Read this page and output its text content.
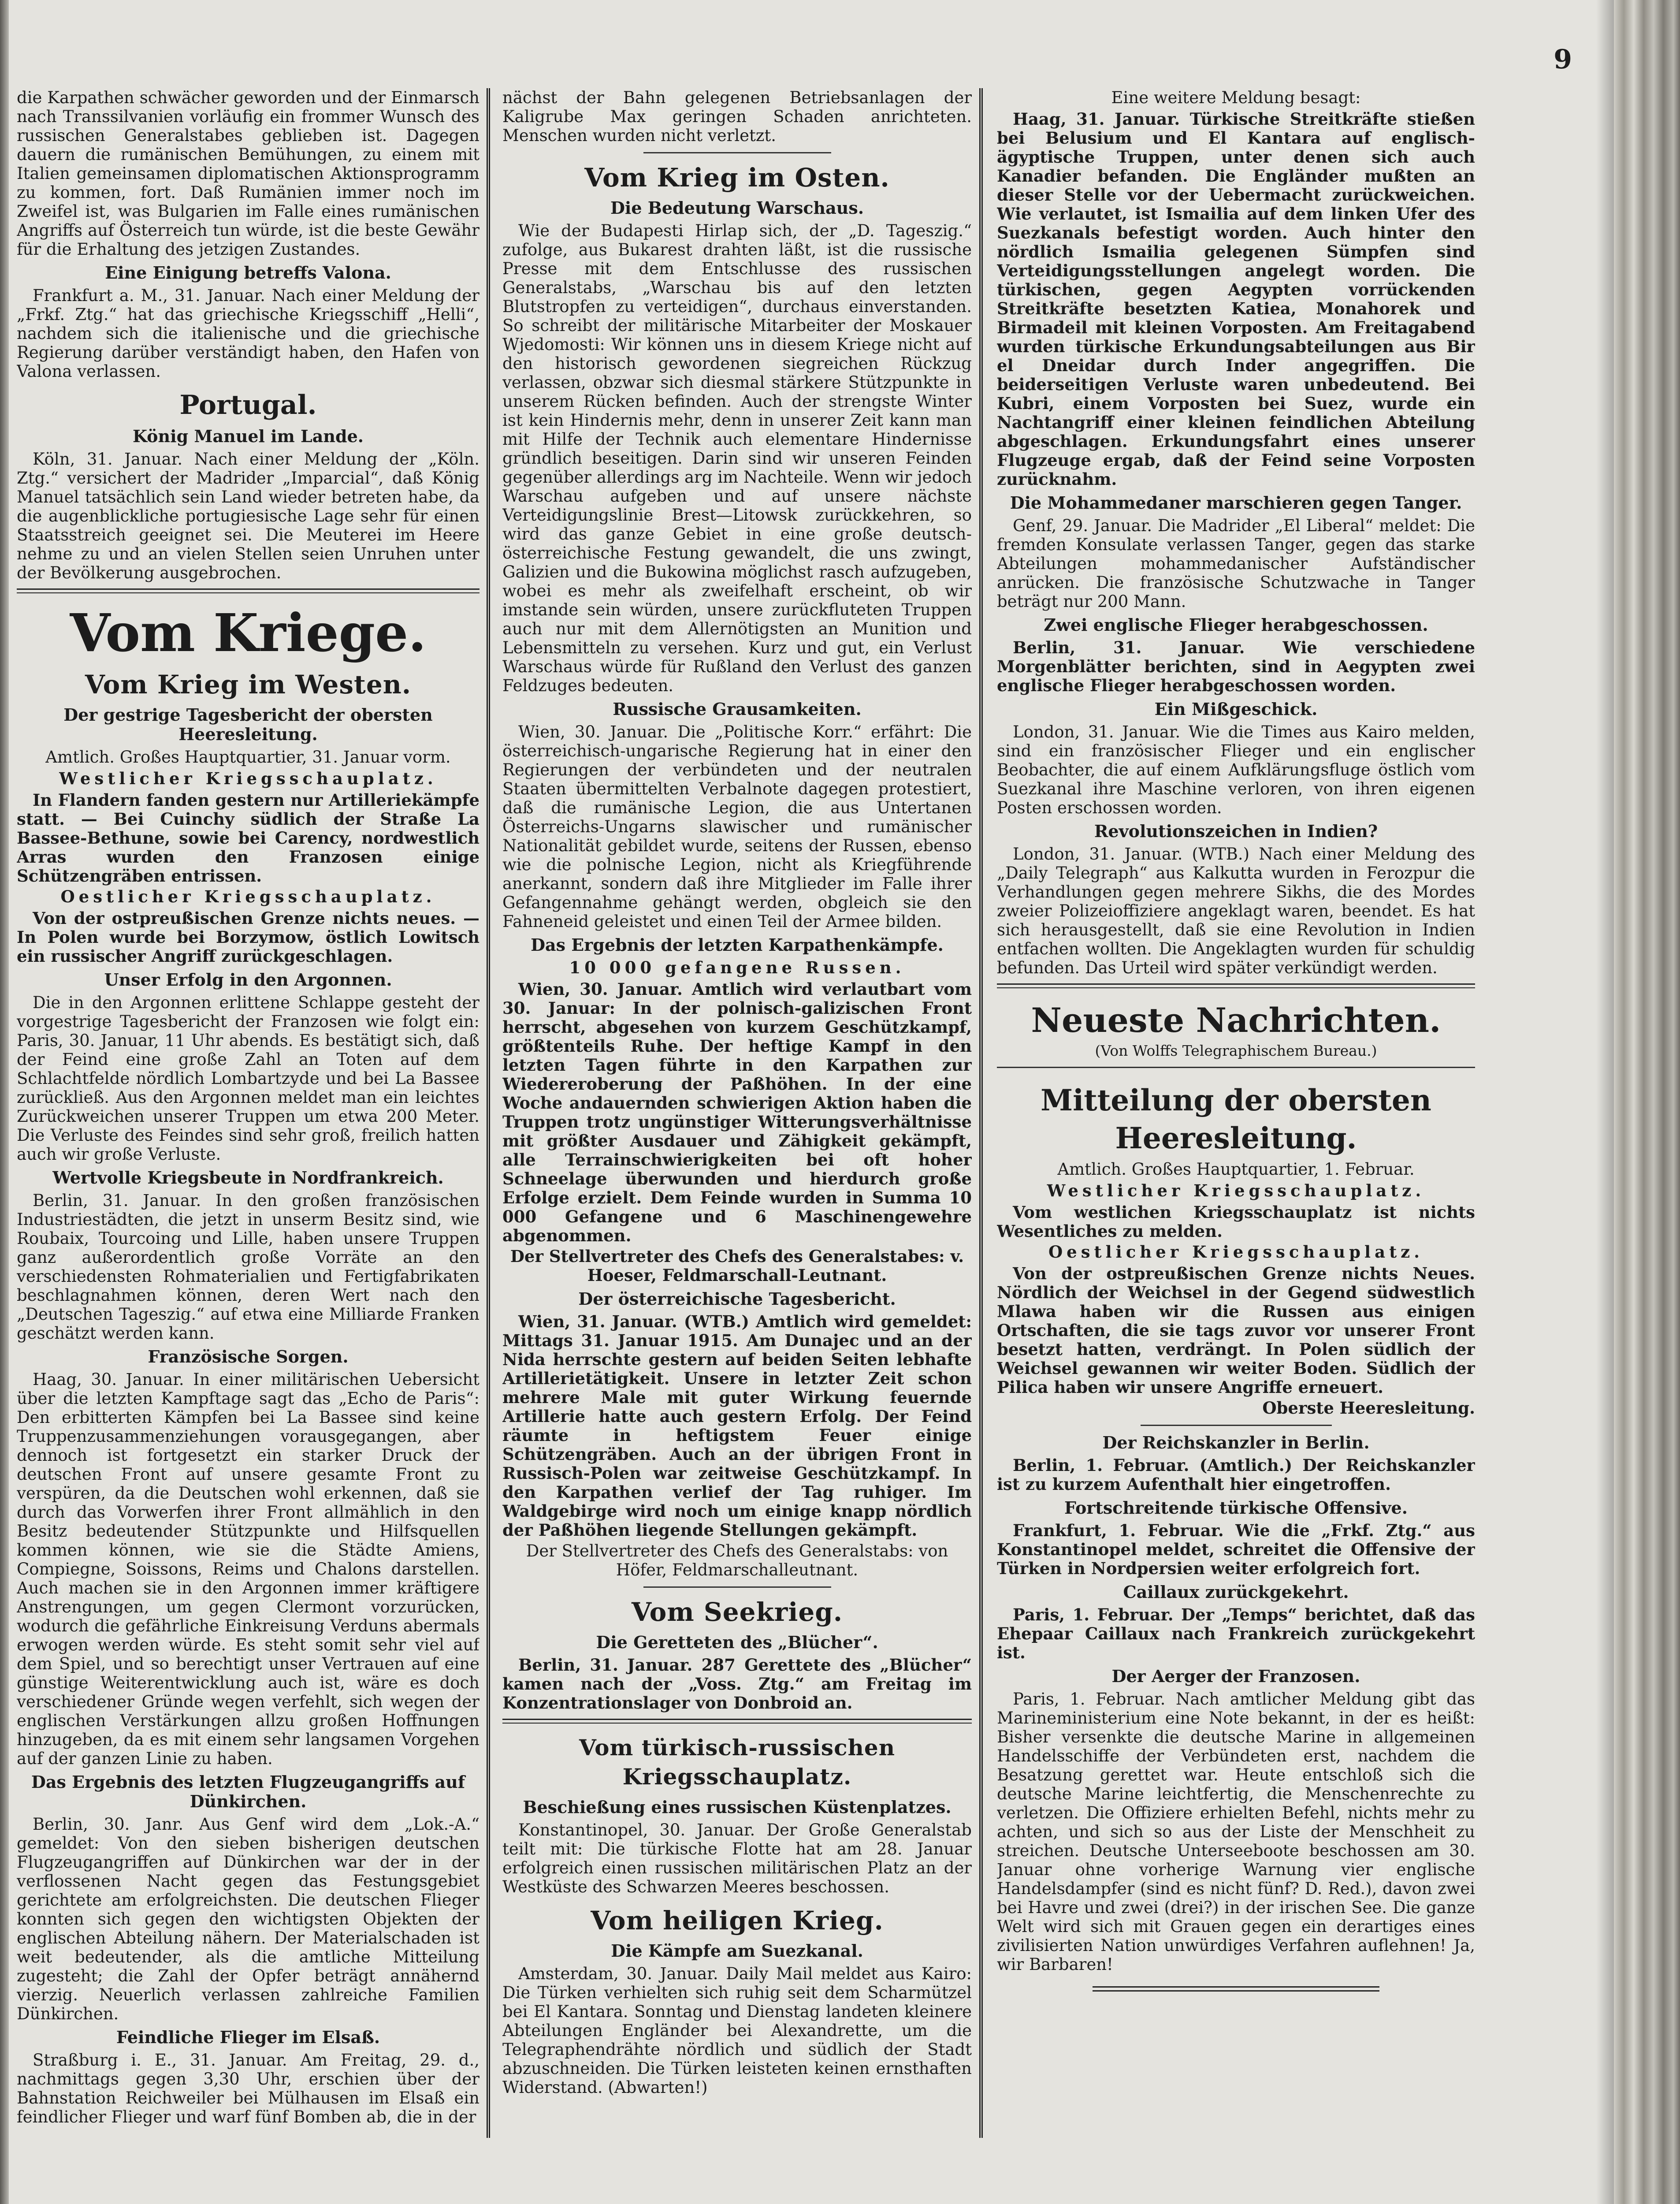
9

die Karpathen schwächer geworden und der Einmarsch nach Transsilvanien vorläufig ein frommer Wunsch des russischen Generalstabes geblieben ist. Dagegen dauern die rumänischen Bemühungen, zu einem mit Italien gemeinsamen diplomatischen Aktionsprogramm zu kommen, fort. Daß Rumänien immer noch im Zweifel ist, was Bulgarien im Falle eines rumänischen Angriffs auf Österreich tun würde, ist die beste Gewähr für die Erhaltung des jetzigen Zustandes.

Eine Einigung betreffs Valona.

Frankfurt a. M., 31. Januar. Nach einer Meldung der „Frkf. Ztg.“ hat das griechische Kriegsschiff „Helli“, nachdem sich die italienische und die griechische Regierung darüber verständigt haben, den Hafen von Valona verlassen.

Portugal.
König Manuel im Lande.

Köln, 31. Januar. Nach einer Meldung der „Köln. Ztg.“ versichert der Madrider „Imparcial“, daß König Manuel tatsächlich sein Land wieder betreten habe, da die augenblickliche portugiesische Lage sehr für einen Staatsstreich geeignet sei. Die Meuterei im Heere nehme zu und an vielen Stellen seien Unruhen unter der Bevölkerung ausgebrochen.

Vom Kriege.
Vom Krieg im Westen.
Der gestrige Tagesbericht der obersten Heeresleitung.

Amtlich. Großes Hauptquartier, 31. Januar vorm.

Westlicher Kriegsschauplatz.

In Flandern fanden gestern nur Artilleriekämpfe statt. — Bei Cuinchy südlich der Straße La Bassee-Bethune, sowie bei Carency, nordwestlich Arras wurden den Franzosen einige Schützengräben entrissen.

Oestlicher Kriegsschauplatz.

Von der ostpreußischen Grenze nichts neues. — In Polen wurde bei Borzymow, östlich Lowitsch ein russischer Angriff zurückgeschlagen.

Unser Erfolg in den Argonnen.

Die in den Argonnen erlittene Schlappe gesteht der vorgestrige Tagesbericht der Franzosen wie folgt ein: Paris, 30. Januar, 11 Uhr abends. Es bestätigt sich, daß der Feind eine große Zahl an Toten auf dem Schlachtfelde nördlich Lombartzyde und bei La Bassee zurückließ. Aus den Argonnen meldet man ein leichtes Zurückweichen unserer Truppen um etwa 200 Meter. Die Verluste des Feindes sind sehr groß, freilich hatten auch wir große Verluste.

Wertvolle Kriegsbeute in Nordfrankreich.

Berlin, 31. Januar. In den großen französischen Industriestädten, die jetzt in unserm Besitz sind, wie Roubaix, Tourcoing und Lille, haben unsere Truppen ganz außerordentlich große Vorräte an den verschiedensten Rohmaterialien und Fertigfabrikaten beschlagnahmen können, deren Wert nach den „Deutschen Tageszig.“ auf etwa eine Milliarde Franken geschätzt werden kann.

Französische Sorgen.

Haag, 30. Januar. In einer militärischen Uebersicht über die letzten Kampftage sagt das „Echo de Paris“: Den erbitterten Kämpfen bei La Bassee sind keine Truppenzusammenziehungen vorausgegangen, aber dennoch ist fortgesetzt ein starker Druck der deutschen Front auf unsere gesamte Front zu verspüren, da die Deutschen wohl erkennen, daß sie durch das Vorwerfen ihrer Front allmählich in den Besitz bedeutender Stützpunkte und Hilfsquellen kommen können, wie sie die Städte Amiens, Compiegne, Soissons, Reims und Chalons darstellen. Auch machen sie in den Argonnen immer kräftigere Anstrengungen, um gegen Clermont vorzurücken, wodurch die gefährliche Einkreisung Verduns abermals erwogen werden würde. Es steht somit sehr viel auf dem Spiel, und so berechtigt unser Vertrauen auf eine günstige Weiterentwicklung auch ist, wäre es doch verschiedener Gründe wegen verfehlt, sich wegen der englischen Verstärkungen allzu großen Hoffnungen hinzugeben, da es mit einem sehr langsamen Vorgehen auf der ganzen Linie zu haben.

Das Ergebnis des letzten Flugzeugangriffs auf Dünkirchen.

Berlin, 30. Janr. Aus Genf wird dem „Lok.-A.“ gemeldet: Von den sieben bisherigen deutschen Flugzeugangriffen auf Dünkirchen war der in der verflossenen Nacht gegen das Festungsgebiet gerichtete am erfolgreichsten. Die deutschen Flieger konnten sich gegen den wichtigsten Objekten der englischen Abteilung nähern. Der Materialschaden ist weit bedeutender, als die amtliche Mitteilung zugesteht; die Zahl der Opfer beträgt annähernd vierzig. Neuerlich verlassen zahlreiche Familien Dünkirchen.

Feindliche Flieger im Elsaß.

Straßburg i. E., 31. Januar. Am Freitag, 29. d., nachmittags gegen 3,30 Uhr, erschien über der Bahnstation Reichweiler bei Mülhausen im Elsaß ein feindlicher Flieger und warf fünf Bomben ab, die in der

nächst der Bahn gelegenen Betriebsanlagen der Kaligrube Max geringen Schaden anrichteten. Menschen wurden nicht verletzt.

Vom Krieg im Osten.
Die Bedeutung Warschaus.

Wie der Budapesti Hirlap sich, der „D. Tageszig.“ zufolge, aus Bukarest drahten läßt, ist die russische Presse mit dem Entschlusse des russischen Generalstabs, „Warschau bis auf den letzten Blutstropfen zu verteidigen“, durchaus einverstanden. So schreibt der militärische Mitarbeiter der Moskauer Wjedomosti: Wir können uns in diesem Kriege nicht auf den historisch gewordenen siegreichen Rückzug verlassen, obzwar sich diesmal stärkere Stützpunkte in unserem Rücken befinden. Auch der strengste Winter ist kein Hindernis mehr, denn in unserer Zeit kann man mit Hilfe der Technik auch elementare Hindernisse gründlich beseitigen. Darin sind wir unseren Feinden gegenüber allerdings arg im Nachteile. Wenn wir jedoch Warschau aufgeben und auf unsere nächste Verteidigungslinie Brest—Litowsk zurückkehren, so wird das ganze Gebiet in eine große deutsch-österreichische Festung gewandelt, die uns zwingt, Galizien und die Bukowina möglichst rasch aufzugeben, wobei es mehr als zweifelhaft erscheint, ob wir imstande sein würden, unsere zurückfluteten Truppen auch nur mit dem Allernötigsten an Munition und Lebensmitteln zu versehen. Kurz und gut, ein Verlust Warschaus würde für Rußland den Verlust des ganzen Feldzuges bedeuten.

Russische Grausamkeiten.

Wien, 30. Januar. Die „Politische Korr.“ erfährt: Die österreichisch-ungarische Regierung hat in einer den Regierungen der verbündeten und der neutralen Staaten übermittelten Verbalnote dagegen protestiert, daß die rumänische Legion, die aus Untertanen Österreichs-Ungarns slawischer und rumänischer Nationalität gebildet wurde, seitens der Russen, ebenso wie die polnische Legion, nicht als Kriegführende anerkannt, sondern daß ihre Mitglieder im Falle ihrer Gefangennahme gehängt werden, obgleich sie den Fahneneid geleistet und einen Teil der Armee bilden.

Das Ergebnis der letzten Karpathenkämpfe.

10 000 gefangene Russen.

Wien, 30. Januar. Amtlich wird verlautbart vom 30. Januar: In der polnisch-galizischen Front herrscht, abgesehen von kurzem Geschützkampf, größtenteils Ruhe. Der heftige Kampf in den letzten Tagen führte in den Karpathen zur Wiedereroberung der Paßhöhen. In der eine Woche andauernden schwierigen Aktion haben die Truppen trotz ungünstiger Witterungsverhältnisse mit größter Ausdauer und Zähigkeit gekämpft, alle Terrainschwierigkeiten bei oft hoher Schneelage überwunden und hierdurch große Erfolge erzielt. Dem Feinde wurden in Summa 10 000 Gefangene und 6 Maschinengewehre abgenommen.

Der Stellvertreter des Chefs des Generalstabes: v. Hoeser, Feldmarschall-Leutnant.

Der österreichische Tagesbericht.

Wien, 31. Januar. (WTB.) Amtlich wird gemeldet: Mittags 31. Januar 1915. Am Dunajec und an der Nida herrschte gestern auf beiden Seiten lebhafte Artillerietätigkeit. Unsere in letzter Zeit schon mehrere Male mit guter Wirkung feuernde Artillerie hatte auch gestern Erfolg. Der Feind räumte in heftigstem Feuer einige Schützengräben. Auch an der übrigen Front in Russisch-Polen war zeitweise Geschützkampf. In den Karpathen verlief der Tag ruhiger. Im Waldgebirge wird noch um einige knapp nördlich der Paßhöhen liegende Stellungen gekämpft.

Der Stellvertreter des Chefs des Generalstabs: von Höfer, Feldmarschalleutnant.

Vom Seekrieg.
Die Geretteten des „Blücher“.

Berlin, 31. Januar. 287 Gerettete des „Blücher“ kamen nach der „Voss. Ztg.“ am Freitag im Konzentrationslager von Donbroid an.

Vom türkisch-russischen Kriegsschauplatz.
Beschießung eines russischen Küstenplatzes.

Konstantinopel, 30. Januar. Der Große Generalstab teilt mit: Die türkische Flotte hat am 28. Januar erfolgreich einen russischen militärischen Platz an der Westküste des Schwarzen Meeres beschossen.

Vom heiligen Krieg.
Die Kämpfe am Suezkanal.

Amsterdam, 30. Januar. Daily Mail meldet aus Kairo: Die Türken verhielten sich ruhig seit dem Scharmützel bei El Kantara. Sonntag und Dienstag landeten kleinere Abteilungen Engländer bei Alexandrette, um die Telegraphendrähte nördlich und südlich der Stadt abzuschneiden. Die Türken leisteten keinen ernsthaften Widerstand. (Abwarten!)

Eine weitere Meldung besagt:

Haag, 31. Januar. Türkische Streitkräfte stießen bei Belusium und El Kantara auf englisch-ägyptische Truppen, unter denen sich auch Kanadier befanden. Die Engländer mußten an dieser Stelle vor der Uebermacht zurückweichen. Wie verlautet, ist Ismailia auf dem linken Ufer des Suezkanals befestigt worden. Auch hinter den nördlich Ismailia gelegenen Sümpfen sind Verteidigungsstellungen angelegt worden. Die türkischen, gegen Aegypten vorrückenden Streitkräfte besetzten Katiea, Monahorek und Birmadeil mit kleinen Vorposten. Am Freitagabend wurden türkische Erkundungsabteilungen aus Bir el Dneidar durch Inder angegriffen. Die beiderseitigen Verluste waren unbedeutend. Bei Kubri, einem Vorposten bei Suez, wurde ein Nachtangriff einer kleinen feindlichen Abteilung abgeschlagen. Erkundungsfahrt eines unserer Flugzeuge ergab, daß der Feind seine Vorposten zurücknahm.

Die Mohammedaner marschieren gegen Tanger.

Genf, 29. Januar. Die Madrider „El Liberal“ meldet: Die fremden Konsulate verlassen Tanger, gegen das starke Abteilungen mohammedanischer Aufständischer anrücken. Die französische Schutzwache in Tanger beträgt nur 200 Mann.

Zwei englische Flieger herabgeschossen.

Berlin, 31. Januar. Wie verschiedene Morgenblätter berichten, sind in Aegypten zwei englische Flieger herabgeschossen worden.

Ein Mißgeschick.

London, 31. Januar. Wie die Times aus Kairo melden, sind ein französischer Flieger und ein englischer Beobachter, die auf einem Aufklärungsfluge östlich vom Suezkanal ihre Maschine verloren, von ihren eigenen Posten erschossen worden.

Revolutionszeichen in Indien?

London, 31. Januar. (WTB.) Nach einer Meldung des „Daily Telegraph“ aus Kalkutta wurden in Ferozpur die Verhandlungen gegen mehrere Sikhs, die des Mordes zweier Polizeioffiziere angeklagt waren, beendet. Es hat sich herausgestellt, daß sie eine Revolution in Indien entfachen wollten. Die Angeklagten wurden für schuldig befunden. Das Urteil wird später verkündigt werden.

Neueste Nachrichten.

(Von Wolffs Telegraphischem Bureau.)

Mitteilung der obersten Heeresleitung.

Amtlich. Großes Hauptquartier, 1. Februar.

Westlicher Kriegsschauplatz.

Vom westlichen Kriegsschauplatz ist nichts Wesentliches zu melden.

Oestlicher Kriegsschauplatz.

Von der ostpreußischen Grenze nichts Neues. Nördlich der Weichsel in der Gegend südwestlich Mlawa haben wir die Russen aus einigen Ortschaften, die sie tags zuvor vor unserer Front besetzt hatten, verdrängt. In Polen südlich der Weichsel gewannen wir weiter Boden. Südlich der Pilica haben wir unsere Angriffe erneuert.

Oberste Heeresleitung.

Der Reichskanzler in Berlin.

Berlin, 1. Februar. (Amtlich.) Der Reichskanzler ist zu kurzem Aufenthalt hier eingetroffen.

Fortschreitende türkische Offensive.

Frankfurt, 1. Februar. Wie die „Frkf. Ztg.“ aus Konstantinopel meldet, schreitet die Offensive der Türken in Nordpersien weiter erfolgreich fort.

Caillaux zurückgekehrt.

Paris, 1. Februar. Der „Temps“ berichtet, daß das Ehepaar Caillaux nach Frankreich zurückgekehrt ist.

Der Aerger der Franzosen.

Paris, 1. Februar. Nach amtlicher Meldung gibt das Marineministerium eine Note bekannt, in der es heißt: Bisher versenkte die deutsche Marine in allgemeinen Handelsschiffe der Verbündeten erst, nachdem die Besatzung gerettet war. Heute entschloß sich die deutsche Marine leichtfertig, die Menschenrechte zu verletzen. Die Offiziere erhielten Befehl, nichts mehr zu achten, und sich so aus der Liste der Menschheit zu streichen. Deutsche Unterseeboote beschossen am 30. Januar ohne vorherige Warnung vier englische Handelsdampfer (sind es nicht fünf? D. Red.), davon zwei bei Havre und zwei (drei?) in der irischen See. Die ganze Welt wird sich mit Grauen gegen ein derartiges eines zivilisierten Nation unwürdiges Verfahren auflehnen! Ja, wir Barbaren!
